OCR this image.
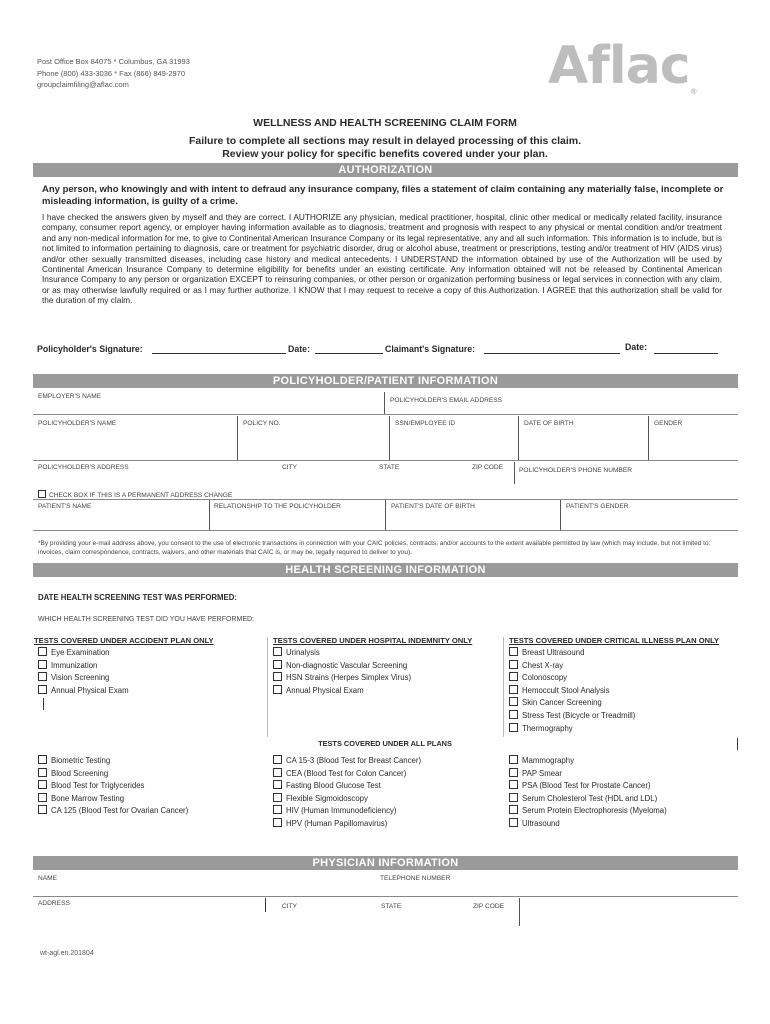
Post Office Box 84075 * Columbus, GA 31993
Phone (800) 433-3036 * Fax (866) 849-2970
groupclaimfiling@aflac.com	Aflac®
WELLNESS AND HEALTH SCREENING CLAIM FORM
Failure to complete all sections may result in delayed processing of this claim.
Review your policy for specific benefits covered under your plan.
AUTHORIZATION
Any person, who knowingly and with intent to defraud any insurance company, files a statement of claim containing any materially false, incomplete or misleading information, is guilty of a crime.
I have checked the answers given by myself and they are correct. I AUTHORIZE any physician, medical practitioner, hospital, clinic other medical or medically related facility, insurance company, consumer report agency, or employer having information available as to diagnosis, treatment and prognosis with respect to any physical or mental condition and/or treatment and any non-medical information for me, to give to Continental American Insurance Company or its legal representative, any and all such information. This information is to include, but is not limited to information pertaining to diagnosis, care or treatment for psychiatric disorder, drug or alcohol abuse, treatment or prescriptions, testing and/or treatment of HIV (AIDS virus) and/or other sexually transmitted diseases, including case history and medical antecedents. I UNDERSTAND the information obtained by use of the Authorization will be used by Continental American Insurance Company to determine eligibility for benefits under an existing certificate. Any information obtained will not be released by Continental American Insurance Company to any person or organization EXCEPT to reinsuring companies, or other person or organization performing business or legal services in connection with any claim, or as may otherwise lawfully required or as I may further authorize. I KNOW that I may request to receive a copy of this Authorization. I AGREE that this authorization shall be valid for the duration of my claim.
Policyholder's Signature:	Date:	Claimant's Signature:	Date:
POLICYHOLDER/PATIENT INFORMATION
EMPLOYER'S NAME
POLICYHOLDER'S EMAIL ADDRESS
POLICYHOLDER'S NAME	POLICY NO.	SSN/EMPLOYEE ID	DATE OF BIRTH	GENDER
POLICYHOLDER'S ADDRESS	CITY	STATE	ZIP CODE POLICYHOLDER'S PHONE NUMBER
CHECK BOX IF THIS IS A PERMANENT ADDRESS CHANGE
PATIENT'S NAME	RELATIONSHIP TO THE POLICYHOLDER	PATIENT'S DATE OF BIRTH	PATIENT'S GENDER
*By providing your e-mail address above, you consent to the use of electronic transactions in connection with your CAIC policies, contracts, and/or accounts to the extent available permitted by law (which may include, but not limited to: invoices, claim correspondence, contracts, waivers, and other materials that CAIC is, or may be, legally required to deliver to you).
HEALTH SCREENING INFORMATION
DATE HEALTH SCREENING TEST WAS PERFORMED:
WHICH HEALTH SCREENING TEST DID YOU HAVE PERFORMED:
TESTS COVERED UNDER ACCIDENT PLAN ONLY	TESTS COVERED UNDER HOSPITAL INDEMNITY ONLY	TESTS COVERED UNDER CRITICAL ILLNESS PLAN ONLY
Eye Examination
Immunization
Vision Screening
Annual Physical Exam
Urinalysis
Non-diagnostic Vascular Screening
HSN Strains (Herpes Simplex Virus)
Annual Physical Exam
Breast Ultrasound
Chest X-ray
Colonoscopy
Hemoccult Stool Analysis
Skin Cancer Screening
Stress Test (Bicycle or Treadmill)
Thermography
TESTS COVERED UNDER ALL PLANS
Biometric Testing
Blood Screening
Blood Test for Triglycerides
Bone Marrow Testing
CA 125 (Blood Test for Ovarian Cancer)
CA 15-3 (Blood Test for Breast Cancer)
CEA (Blood Test for Colon Cancer)
Fasting Blood Glucose Test
Flexible Sigmoidoscopy
HIV (Human Immunodeficiency)
HPV (Human Papillomavirus)
Mammography
PAP Smear
PSA (Blood Test for Prostate Cancer)
Serum Cholesterol Test (HDL and LDL)
Serum Protein Electrophoresis (Myeloma)
Ultrasound
PHYSICIAN INFORMATION
NAME	TELEPHONE NUMBER
ADDRESS	CITY	STATE	ZIP CODE
wt-agl.en.201804
